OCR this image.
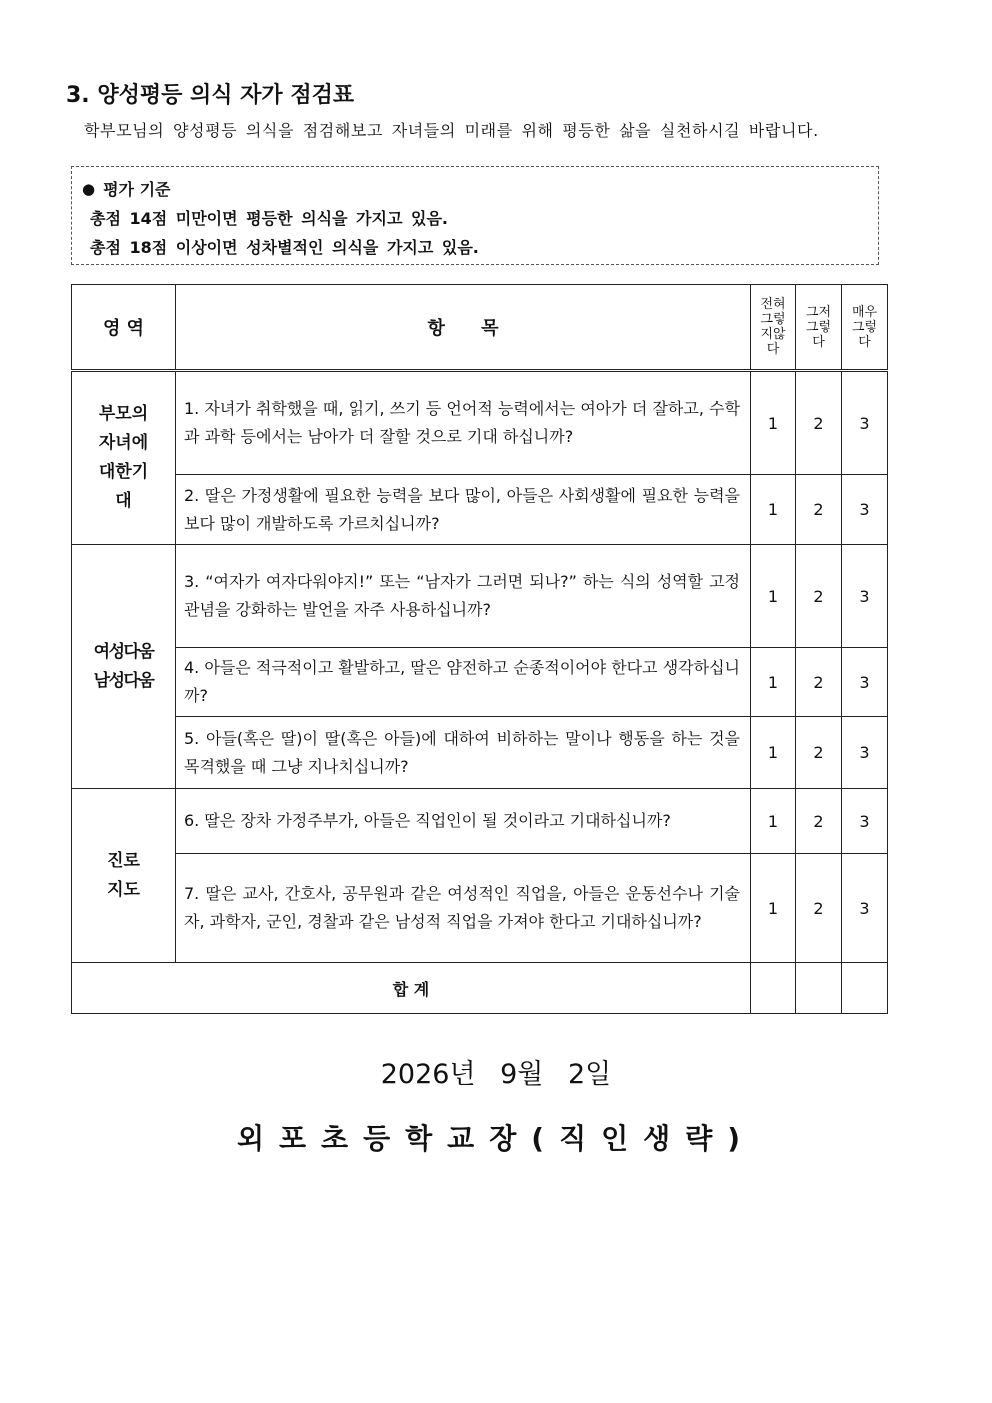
3. 양성평등 의식 자가 점검표
학부모님의 양성평등 의식을 점검해보고 자녀들의 미래를 위해 평등한 삶을 실천하시길 바랍니다.
● 평가 기준
총점 14점 미만이면 평등한 의식을 가지고 있음.
총점 18점 이상이면 성차별적인 의식을 가지고 있음.
영 역	항 목	전혀그렇지않다	그저그렇다	매우그렇다

부모의자녀에대한기대	1. 자녀가 취학했을 때, 읽기, 쓰기 등 언어적 능력에서는 여아가 더 잘하고, 수학과 과학 등에서는 남아가 더 잘할 것으로 기대 하십니까?	1	2	3
	2. 딸은 가정생활에 필요한 능력을 보다 많이, 아들은 사회생활에 필요한 능력을 보다 많이 개발하도록 가르치십니까?	1	2	3

여성다움남성다움	3. “여자가 여자다워야지!” 또는 “남자가 그러면 되나?” 하는 식의 성역할 고정관념을 강화하는 발언을 자주 사용하십니까?	1	2	3
	4. 아들은 적극적이고 활발하고, 딸은 얌전하고 순종적이어야 한다고 생각하십니까?	1	2	3
	5. 아들(혹은 딸)이 딸(혹은 아들)에 대하여 비하하는 말이나 행동을 하는 것을 목격했을 때 그냥 지나치십니까?	1	2	3

진로지도	6. 딸은 장차 가정주부가, 아들은 직업인이 될 것이라고 기대하십니까?	1	2	3
	7. 딸은 교사, 간호사, 공무원과 같은 여성적인 직업을, 아들은 운동선수나 기술자, 과학자, 군인, 경찰과 같은 남성적 직업을 가져야 한다고 기대하십니까?	1	2	3
합 계				
2026년 9월 2일
외포초등학교장(직인생략)
